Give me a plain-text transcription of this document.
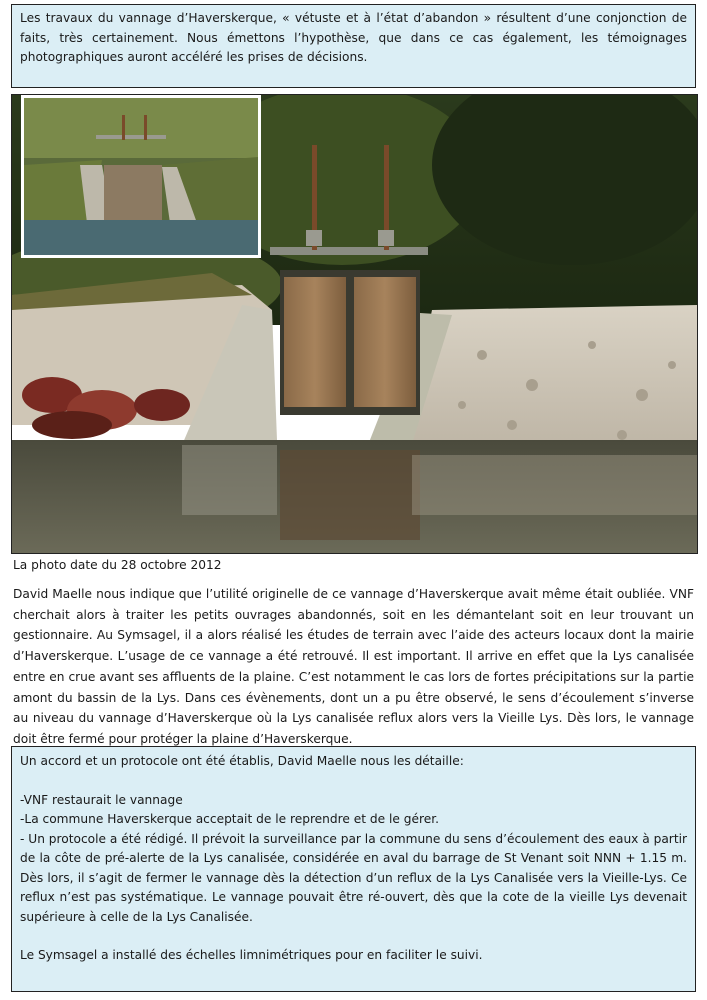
Les travaux du vannage d’Haverskerque, « vétuste et à l’état d’abandon » résultent d’une conjonction de faits, très certainement. Nous émettons l’hypothèse, que dans ce cas également, les témoignages photographiques auront accéléré les prises de décisions.
La photo date du 28 octobre 2012

David Maelle nous indique que l’utilité originelle de ce vannage d’Haverskerque avait même était oubliée. VNF cherchait alors à traiter les petits ouvrages abandonnés, soit en les démantelant soit en leur trouvant un gestionnaire. Au Symsagel, il a alors réalisé les études de terrain avec l’aide des acteurs locaux dont la mairie d’Haverskerque. L’usage de ce vannage a été retrouvé. Il est important. Il arrive en effet que la Lys canalisée entre en crue avant ses affluents de la plaine. C’est notamment le cas lors de fortes précipitations sur la partie amont du bassin de la Lys. Dans ces évènements, dont un a pu être observé, le sens d’écoulement s’inverse au niveau du vannage d’Haverskerque où la Lys canalisée reflux alors vers la Vieille Lys. Dès lors, le vannage doit être fermé pour protéger la plaine d’Haverskerque.

Un accord et un protocole ont été établis, David Maelle nous les détaille:

-VNF restaurait le vannage

-La commune Haverskerque acceptait de le reprendre et de le gérer.

- Un protocole a été rédigé. Il prévoit la surveillance par la commune du sens d’écoulement des eaux à partir de la côte de pré-alerte de la Lys canalisée, considérée en aval du barrage de St Venant soit NNN + 1.15 m. Dès lors, il s’agit de fermer le vannage dès la détection d’un reflux de la Lys Canalisée vers la Vieille-Lys. Ce reflux n’est pas systématique. Le vannage pouvait être ré-ouvert, dès que la cote de la vieille Lys devenait supérieure à celle de la Lys Canalisée.

Le Symsagel a installé des échelles limnimétriques pour en faciliter le suivi.
